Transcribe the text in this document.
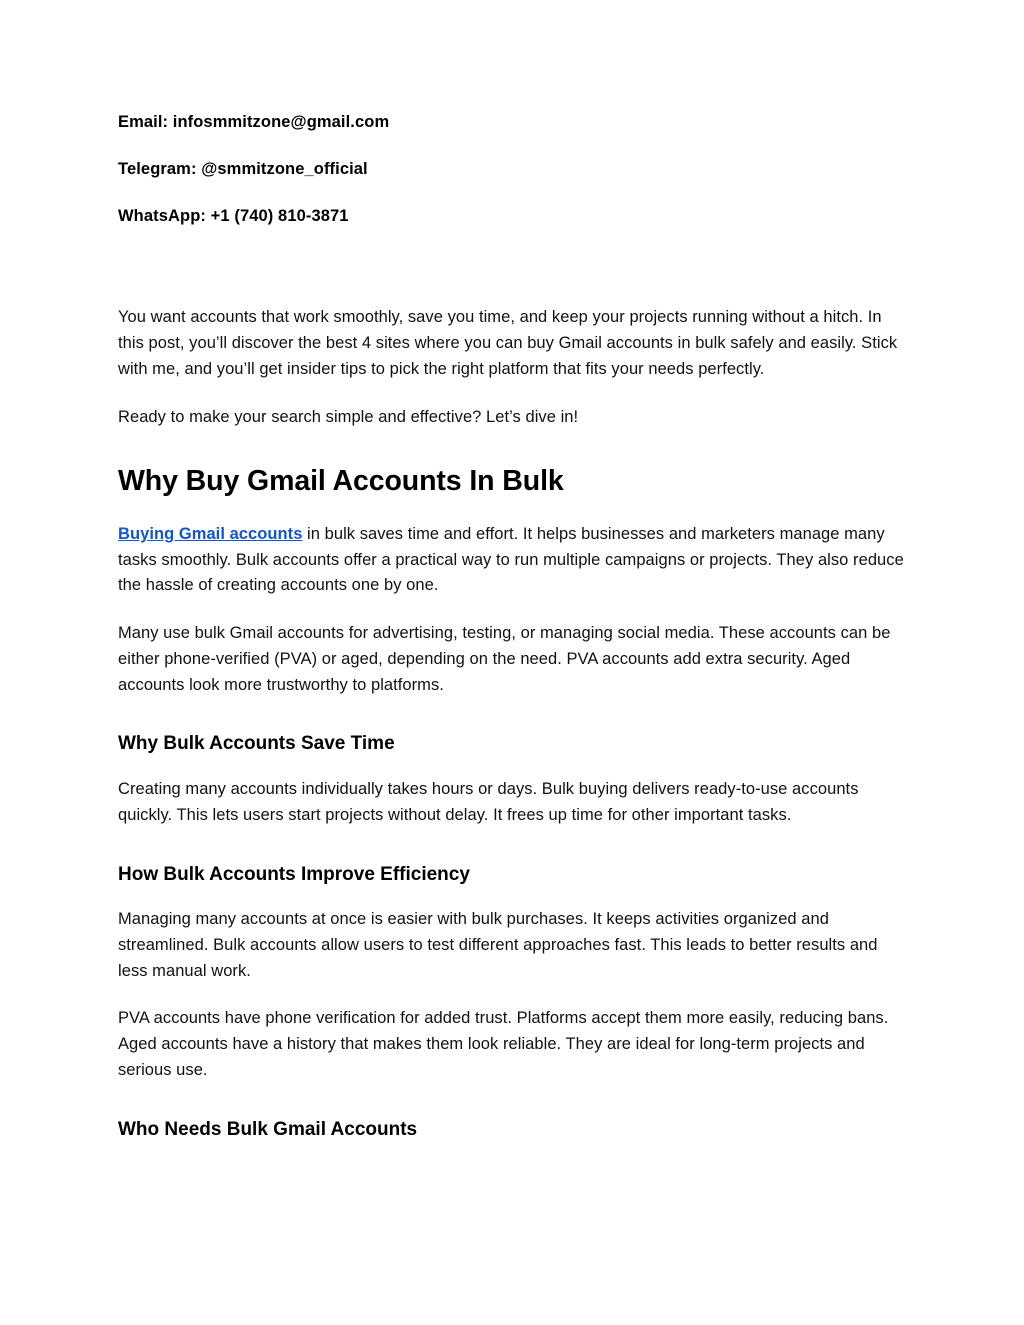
Email: infosmmitzone@gmail.com

Telegram: @smmitzone_official

WhatsApp: +1 (740) 810-3871

You want accounts that work smoothly, save you time, and keep your projects running without a hitch. In this post, you’ll discover the best 4 sites where you can buy Gmail accounts in bulk safely and easily. Stick with me, and you’ll get insider tips to pick the right platform that fits your needs perfectly.

Ready to make your search simple and effective? Let’s dive in!

Why Buy Gmail Accounts In Bulk

Buying Gmail accounts in bulk saves time and effort. It helps businesses and marketers manage many tasks smoothly. Bulk accounts offer a practical way to run multiple campaigns or projects. They also reduce the hassle of creating accounts one by one.

Many use bulk Gmail accounts for advertising, testing, or managing social media. These accounts can be either phone-verified (PVA) or aged, depending on the need. PVA accounts add extra security. Aged accounts look more trustworthy to platforms.

Why Bulk Accounts Save Time

Creating many accounts individually takes hours or days. Bulk buying delivers ready-to-use accounts quickly. This lets users start projects without delay. It frees up time for other important tasks.

How Bulk Accounts Improve Efficiency

Managing many accounts at once is easier with bulk purchases. It keeps activities organized and streamlined. Bulk accounts allow users to test different approaches fast. This leads to better results and less manual work.

PVA accounts have phone verification for added trust. Platforms accept them more easily, reducing bans. Aged accounts have a history that makes them look reliable. They are ideal for long-term projects and serious use.

Who Needs Bulk Gmail Accounts
